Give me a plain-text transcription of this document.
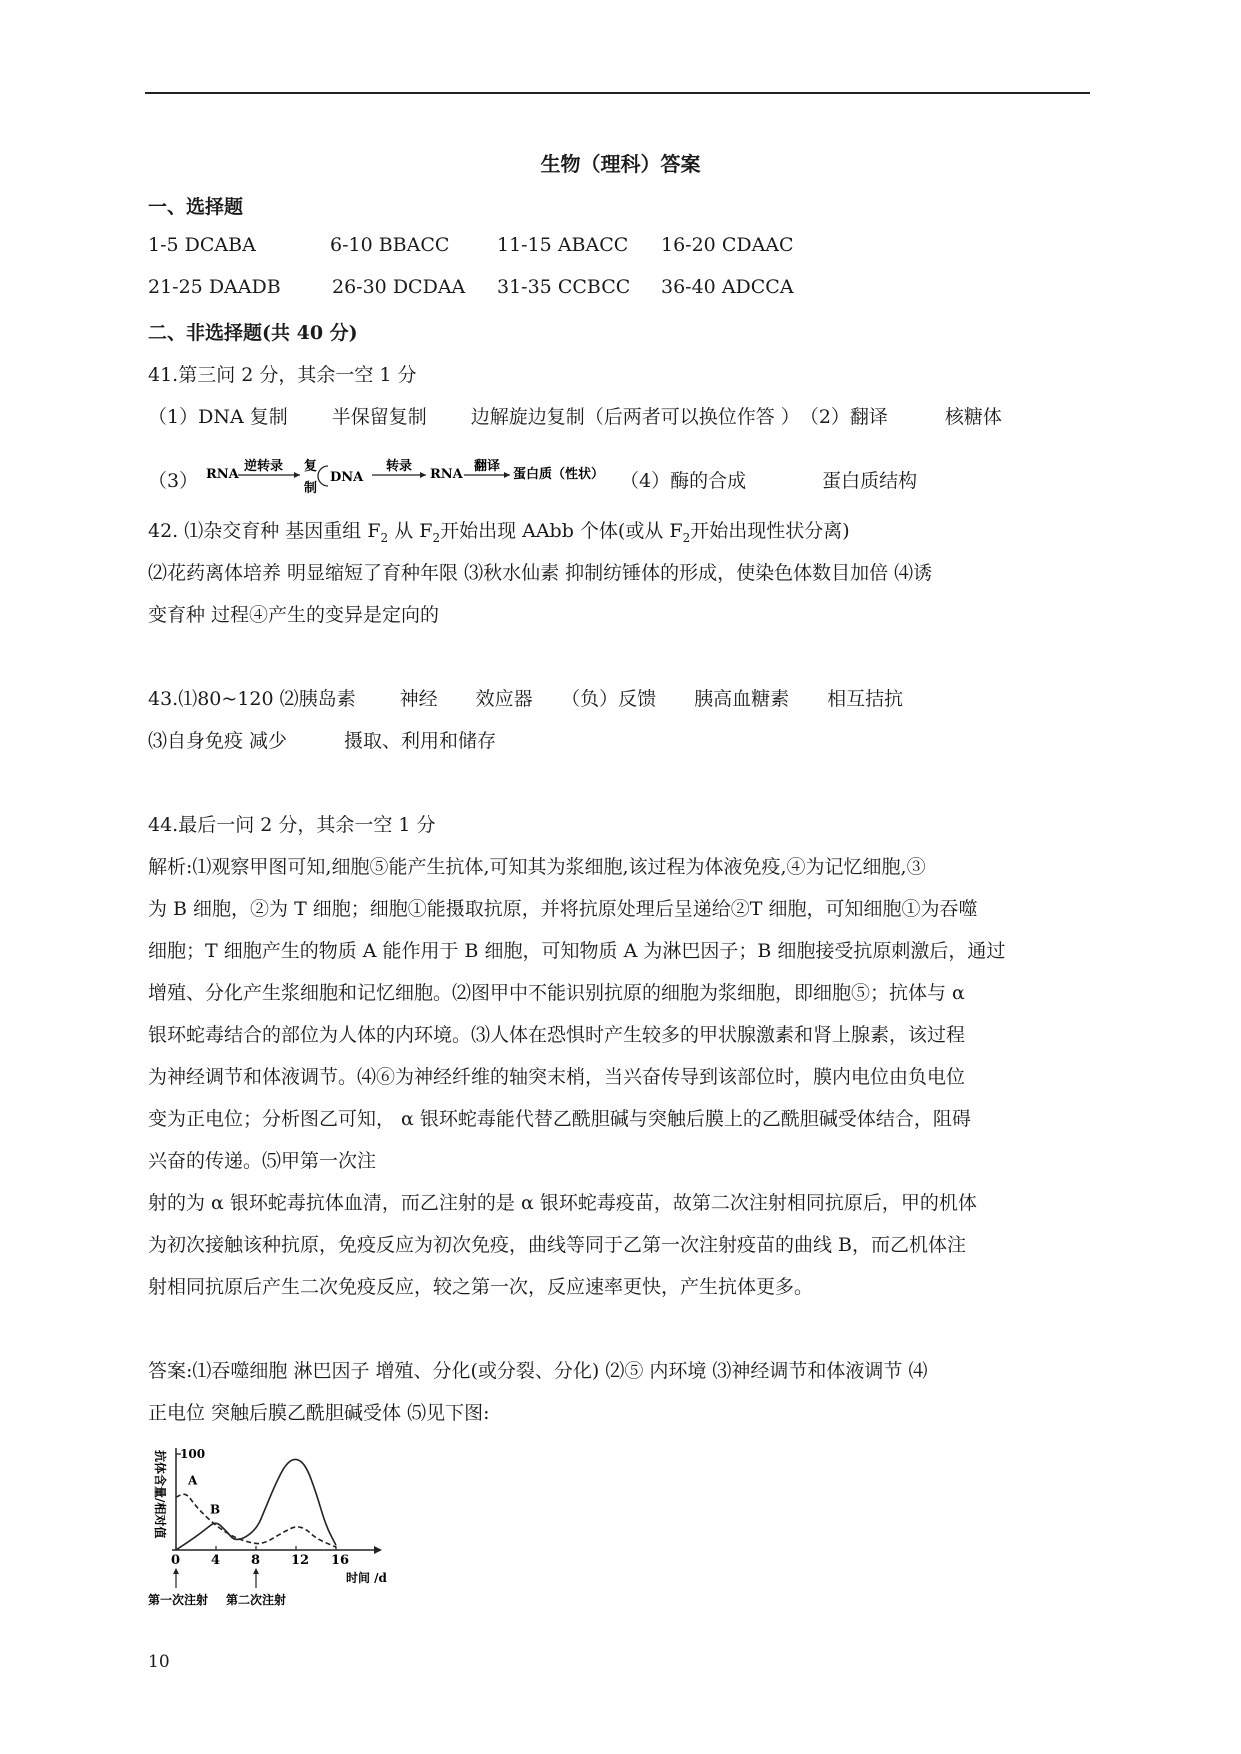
生物（理科）答案
一、选择题
1-5 DCABA	6-10 BBACC	11-15 ABACC 16-20 CDAAC
21-25 DAADB	26-30 DCDAA 31-35 CCBCC 36-40 ADCCA
二、非选择题(共 40 分)
41.第三问 2 分，其余一空 1 分
（1）DNA 复制　　 半保留复制　　 边解旋边复制（后两者可以换位作答 ）　（2）翻译　　　核糖体
（3） RNA
逆转录 复
制
DNA
转录
RNA
翻译
蛋白质（性状） （4）酶的合成　　　　蛋白质结构
42. ⑴杂交育种 基因重组 $F_2$ 从 $F_2$开始出现 AAbb 个体(或从 $F_2$开始出现性状分离)
⑵花药离体培养 明显缩短了育种年限 ⑶秋水仙素 抑制纺锤体的形成，使染色体数目加倍 ⑷诱
变育种 过程④产生的变异是定向的
43.⑴80~120 ⑵胰岛素　　 神经　　效应器　　（负）反馈　　胰高血糖素　　相互拮抗
⑶自身免疫 减少　　　摄取、利用和储存
44.最后一问 2 分，其余一空 1 分
解析:⑴观察甲图可知,细胞⑤能产生抗体,可知其为浆细胞,该过程为体液免疫,④为记忆细胞,③
为 B 细胞，②为 T 细胞；细胞①能摄取抗原，并将抗原处理后呈递给②T 细胞，可知细胞①为吞噬
细胞；T 细胞产生的物质 A 能作用于 B 细胞，可知物质 A 为淋巴因子；B 细胞接受抗原刺激后，通过
增殖、分化产生浆细胞和记忆细胞。⑵图甲中不能识别抗原的细胞为浆细胞，即细胞⑤；抗体与 α
银环蛇毒结合的部位为人体的内环境。⑶人体在恐惧时产生较多的甲状腺激素和肾上腺素，该过程
为神经调节和体液调节。⑷⑥为神经纤维的轴突末梢，当兴奋传导到该部位时，膜内电位由负电位
变为正电位；分析图乙可知， α 银环蛇毒能代替乙酰胆碱与突触后膜上的乙酰胆碱受体结合，阻碍
兴奋的传递。⑸甲第一次注
射的为 α 银环蛇毒抗体血清，而乙注射的是 α 银环蛇毒疫苗，故第二次注射相同抗原后，甲的机体
为初次接触该种抗原，免疫反应为初次免疫，曲线等同于乙第一次注射疫苗的曲线 B，而乙机体注
射相同抗原后产生二次免疫反应，较之第一次，反应速率更快，产生抗体更多。
答案:⑴吞噬细胞 淋巴因子 增殖、分化(或分裂、分化) ⑵⑤ 内环境 ⑶神经调节和体液调节 ⑷
正电位 突触后膜乙酰胆碱受体 ⑸见下图:
100
抗体含量/相对值
0 4 8 12 16
时间 /d
第一次注射 第二次注射
A
B
10
